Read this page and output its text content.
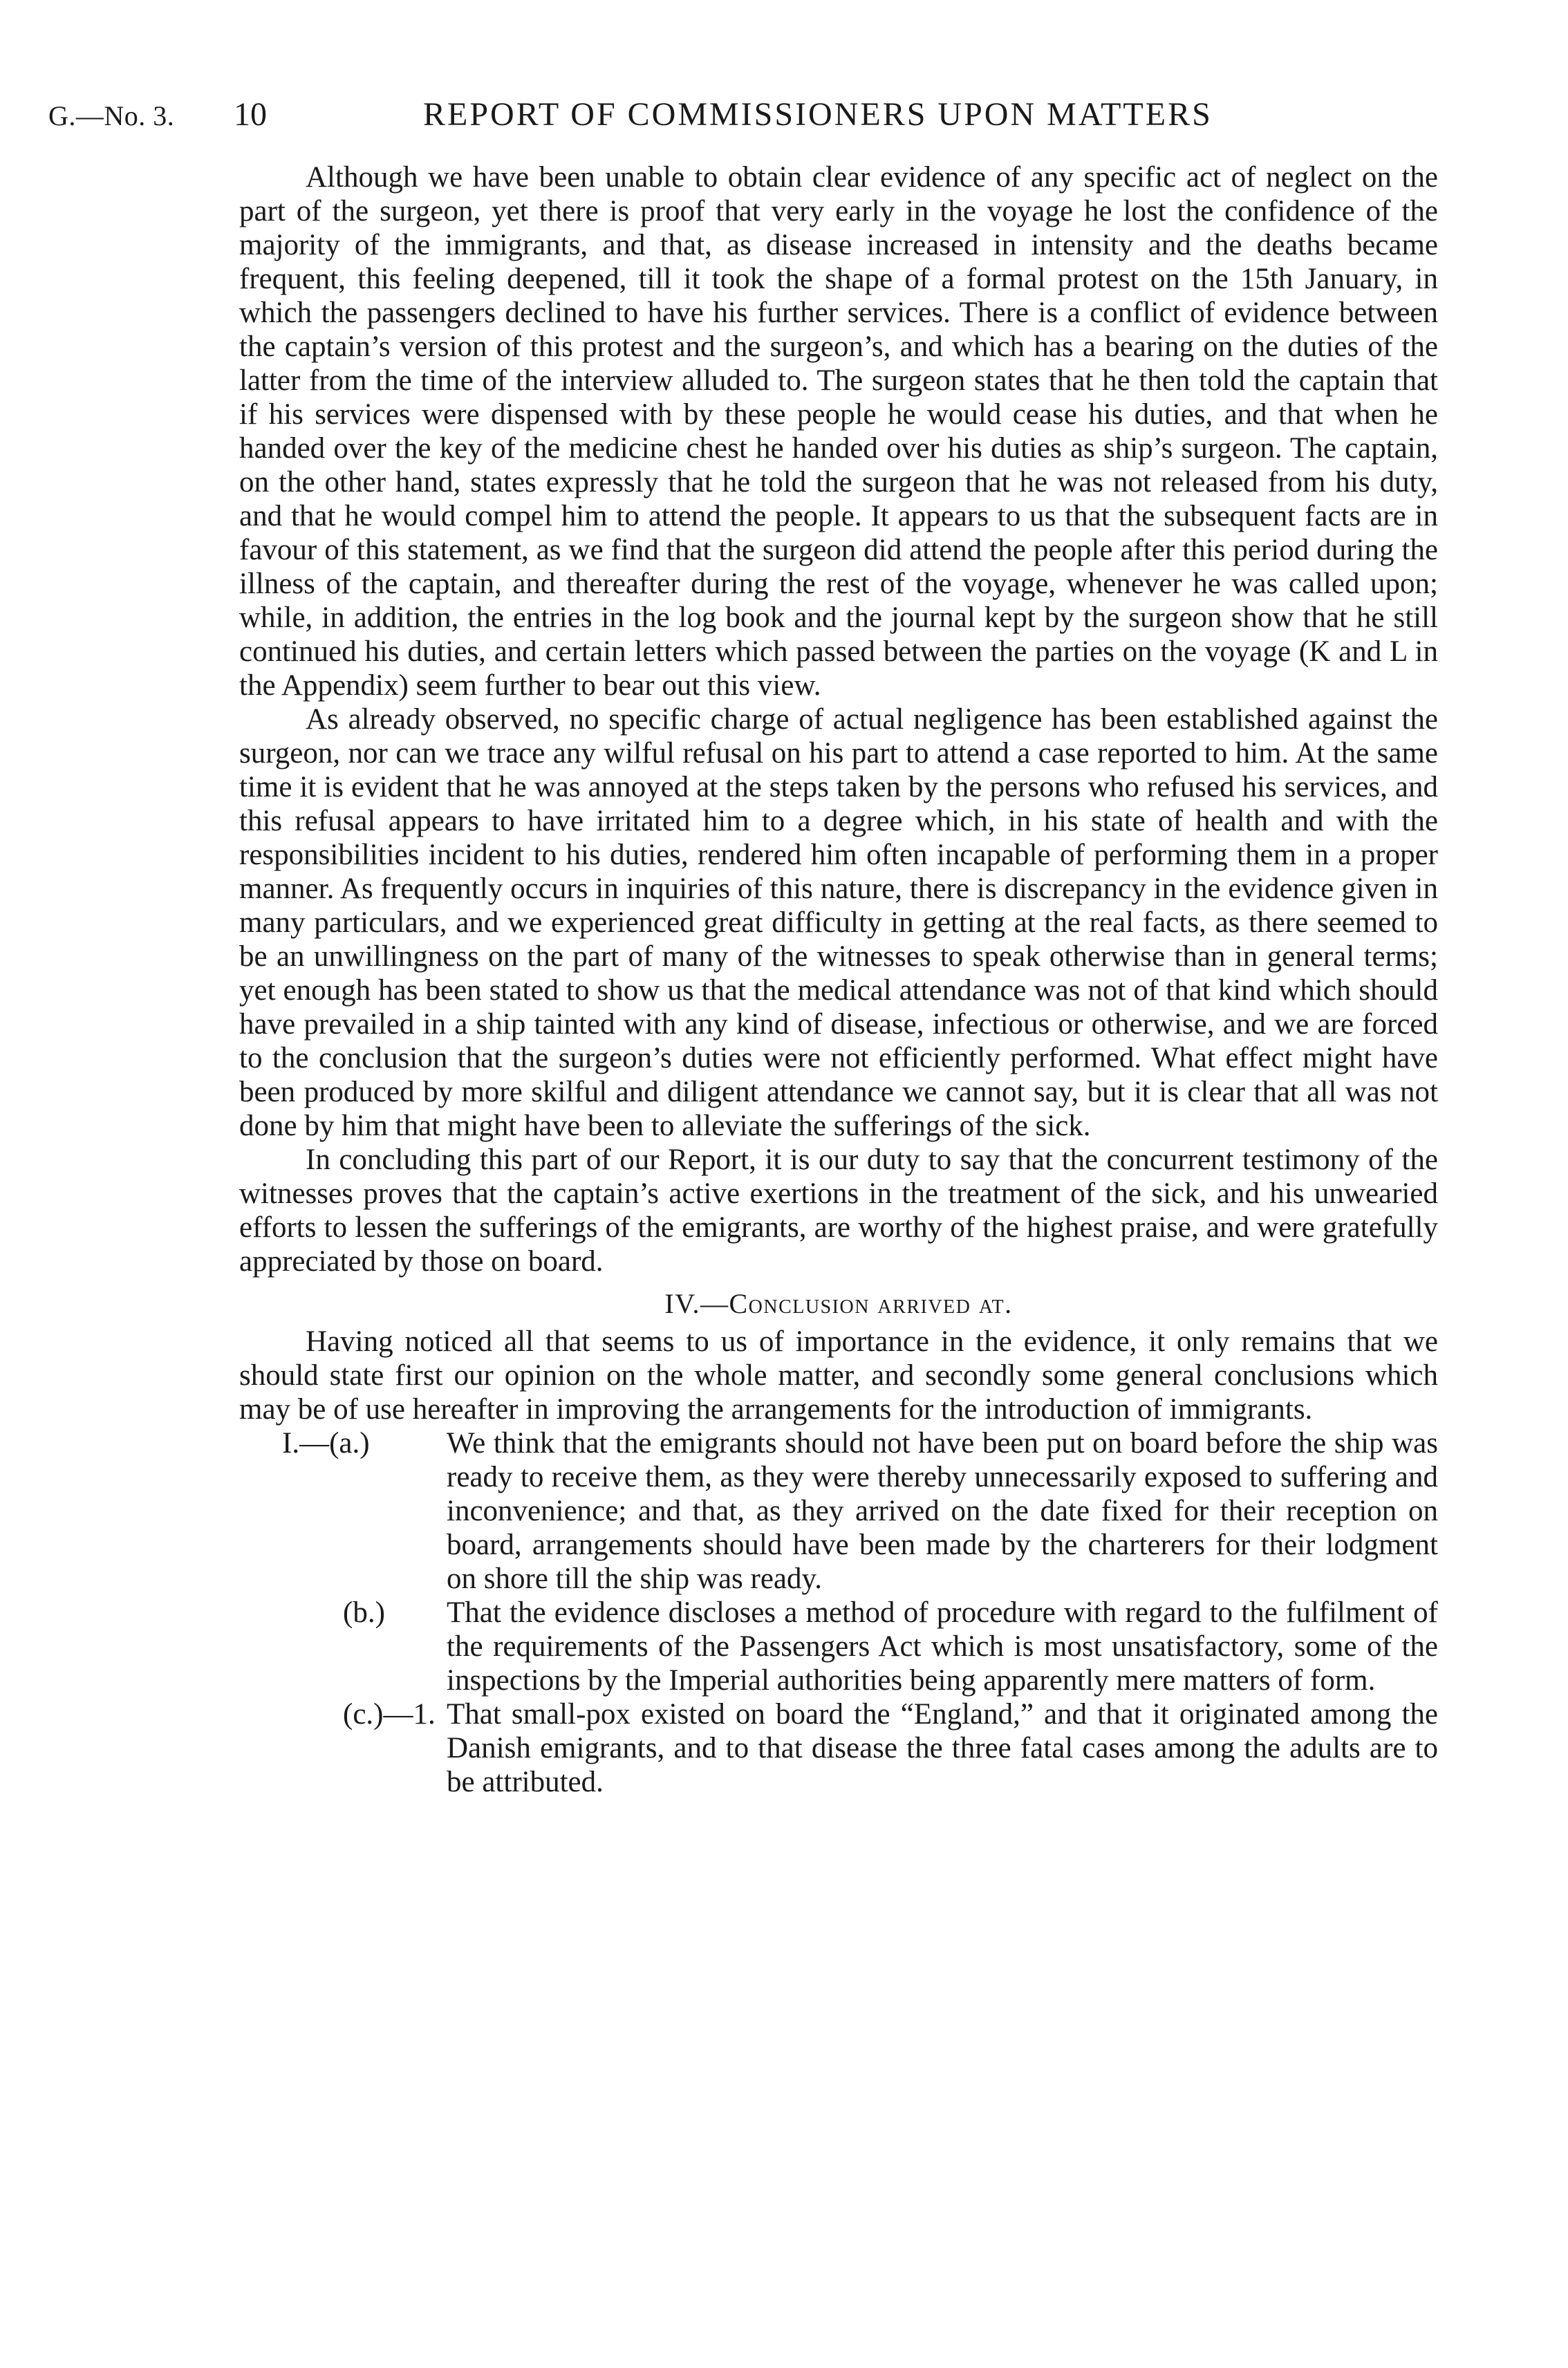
G.—No. 3. 10	REPORT OF COMMISSIONERS UPON MATTERS

Although we have been unable to obtain clear evidence of any specific act of neglect on the part of the surgeon, yet there is proof that very early in the voyage he lost the confidence of the majority of the immigrants, and that, as disease increased in intensity and the deaths became frequent, this feeling deepened, till it took the shape of a formal protest on the 15th January, in which the passengers declined to have his further services. There is a conflict of evidence between the captain’s version of this protest and the surgeon’s, and which has a bearing on the duties of the latter from the time of the interview alluded to. The surgeon states that he then told the captain that if his services were dispensed with by these people he would cease his duties, and that when he handed over the key of the medicine chest he handed over his duties as ship’s surgeon. The captain, on the other hand, states expressly that he told the surgeon that he was not released from his duty, and that he would compel him to attend the people. It appears to us that the subsequent facts are in favour of this statement, as we find that the surgeon did attend the people after this period during the illness of the captain, and thereafter during the rest of the voyage, whenever he was called upon; while, in addition, the entries in the log book and the journal kept by the surgeon show that he still continued his duties, and certain letters which passed between the parties on the voyage (K and L in the Appendix) seem further to bear out this view.

As already observed, no specific charge of actual negligence has been established against the surgeon, nor can we trace any wilful refusal on his part to attend a case reported to him. At the same time it is evident that he was annoyed at the steps taken by the persons who refused his services, and this refusal appears to have irritated him to a degree which, in his state of health and with the responsibilities incident to his duties, rendered him often incapable of performing them in a proper manner. As frequently occurs in inquiries of this nature, there is discrepancy in the evidence given in many particulars, and we experienced great difficulty in getting at the real facts, as there seemed to be an unwillingness on the part of many of the witnesses to speak otherwise than in general terms; yet enough has been stated to show us that the medical attendance was not of that kind which should have prevailed in a ship tainted with any kind of disease, infectious or otherwise, and we are forced to the conclusion that the surgeon’s duties were not efficiently performed. What effect might have been produced by more skilful and diligent attendance we cannot say, but it is clear that all was not done by him that might have been to alleviate the sufferings of the sick.

In concluding this part of our Report, it is our duty to say that the concurrent testimony of the witnesses proves that the captain’s active exertions in the treatment of the sick, and his unwearied efforts to lessen the sufferings of the emigrants, are worthy of the highest praise, and were gratefully appreciated by those on board.

IV.—Conclusion arrived at.

Having noticed all that seems to us of importance in the evidence, it only remains that we should state first our opinion on the whole matter, and secondly some general conclusions which may be of use hereafter in improving the arrangements for the introduction of immigrants.

I.—(a.)	We think that the emigrants should not have been put on board before the ship was ready to receive them, as they were thereby unnecessarily exposed to suffering and inconvenience; and that, as they arrived on the date fixed for their reception on board, arrangements should have been made by the charterers for their lodgment on shore till the ship was ready.
(b.)	That the evidence discloses a method of procedure with regard to the fulfilment of the requirements of the Passengers Act which is most unsatisfactory, some of the inspections by the Imperial authorities being apparently mere matters of form.
(c.)—1. That small-pox existed on board the “England,” and that it originated among the Danish emigrants, and to that disease the three fatal cases among the adults are to be attributed.
